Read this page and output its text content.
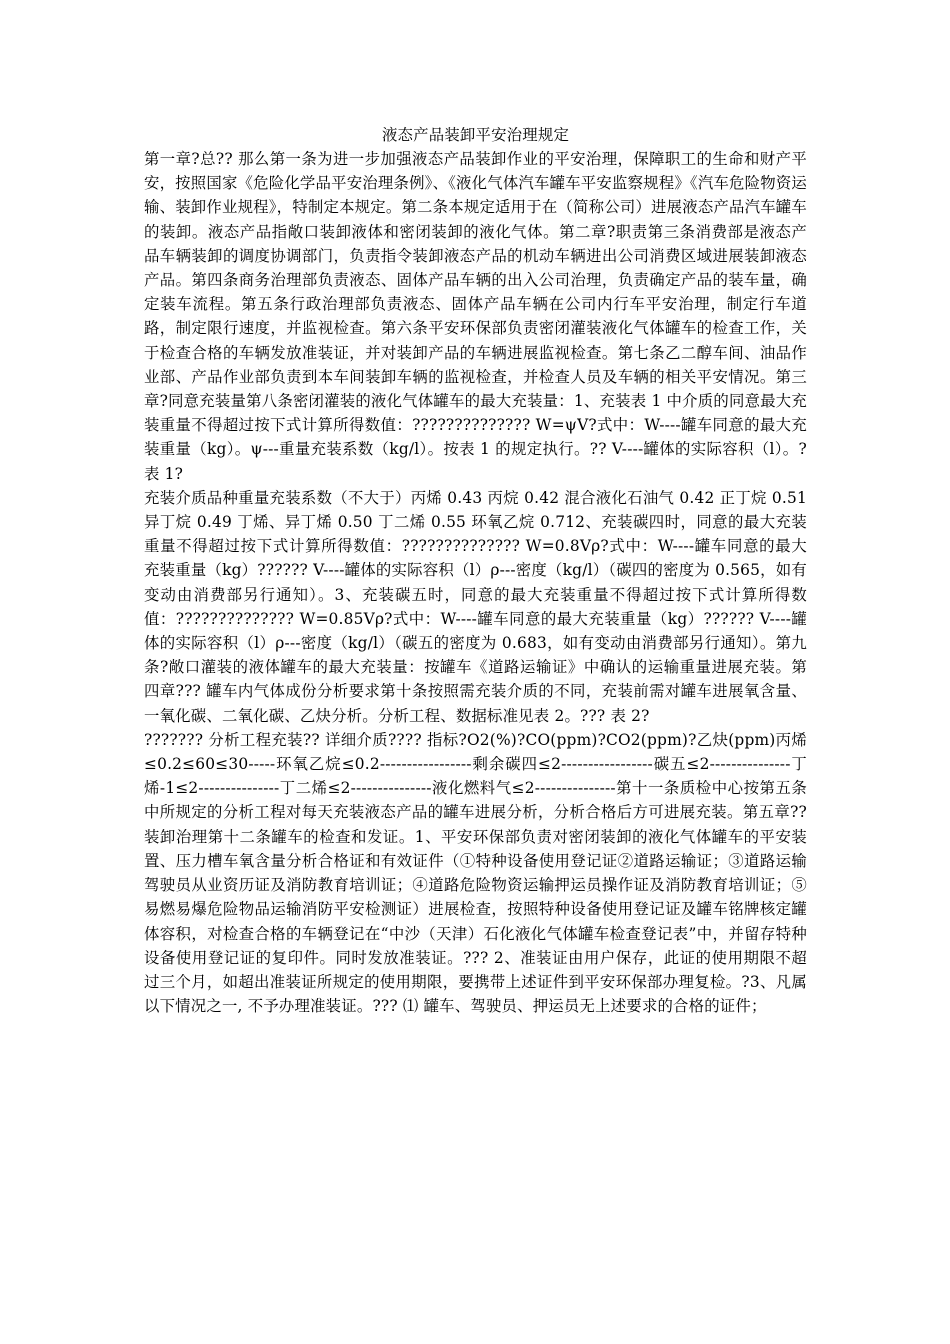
液态产品装卸平安治理规定

第一章?总?? 那么第一条为进一步加强液态产品装卸作业的平安治理，保障职工的生命和财产平安，按照国家《危险化学品平安治理条例》、《液化气体汽车罐车平安监察规程》《汽车危险物资运输、装卸作业规程》，特制定本规定。第二条本规定适用于在（简称公司）进展液态产品汽车罐车的装卸。液态产品指敞口装卸液体和密闭装卸的液化气体。第二章?职责第三条消费部是液态产品车辆装卸的调度协调部门，负责指令装卸液态产品的机动车辆进出公司消费区域进展装卸液态产品。第四条商务治理部负责液态、固体产品车辆的出入公司治理，负责确定产品的装车量，确定装车流程。第五条行政治理部负责液态、固体产品车辆在公司内行车平安治理，制定行车道路，制定限行速度，并监视检查。第六条平安环保部负责密闭灌装液化气体罐车的检查工作，关于检查合格的车辆发放准装证，并对装卸产品的车辆进展监视检查。第七条乙二醇车间、油品作业部、产品作业部负责到本车间装卸车辆的监视检查，并检查人员及车辆的相关平安情况。第三章?同意充装量第八条密闭灌装的液化气体罐车的最大充装量：1、充装表 1 中介质的同意最大充装重量不得超过按下式计算所得数值：?????????????? W=ψV?式中：W----罐车同意的最大充装重量（kg）。ψ---重量充装系数（kg/l）。按表 1 的规定执行。?? V----罐体的实际容积（l）。?表 1?

充装介质品种重量充装系数（不大于）丙烯 0.43 丙烷 0.42 混合液化石油气 0.42 正丁烷 0.51 异丁烷 0.49 丁烯、异丁烯 0.50 丁二烯 0.55 环氧乙烷 0.712、充装碳四时，同意的最大充装重量不得超过按下式计算所得数值：?????????????? W=0.8Vρ?式中：W----罐车同意的最大充装重量（kg）?????? V----罐体的实际容积（l）ρ---密度（kg/l）（碳四的密度为 0.565，如有变动由消费部另行通知）。3、充装碳五时，同意的最大充装重量不得超过按下式计算所得数值：?????????????? W=0.85Vρ?式中：W----罐车同意的最大充装重量（kg）?????? V----罐体的实际容积（l）ρ---密度（kg/l）（碳五的密度为 0.683，如有变动由消费部另行通知）。第九条?敞口灌装的液体罐车的最大充装量：按罐车《道路运输证》中确认的运输重量进展充装。第四章??? 罐车内气体成份分析要求第十条按照需充装介质的不同，充装前需对罐车进展氧含量、一氧化碳、二氧化碳、乙炔分析。分析工程、数据标准见表 2。??? 表 2?

??????? 分析工程充装?? 详细介质???? 指标?O2(%)?CO(ppm)?CO2(ppm)?乙炔(ppm)丙烯≤0.2≤60≤30-----环氧乙烷≤0.2-----------------剩余碳四≤2-----------------碳五≤2---------------丁烯-1≤2---------------丁二烯≤2---------------液化燃料气≤2---------------第十一条质检中心按第五条中所规定的分析工程对每天充装液态产品的罐车进展分析，分析合格后方可进展充装。第五章?? 装卸治理第十二条罐车的检查和发证。1、平安环保部负责对密闭装卸的液化气体罐车的平安装置、压力槽车氧含量分析合格证和有效证件（①特种设备使用登记证②道路运输证；③道路运输驾驶员从业资历证及消防教育培训证；④道路危险物资运输押运员操作证及消防教育培训证；⑤易燃易爆危险物品运输消防平安检测证）进展检查，按照特种设备使用登记证及罐车铭牌核定罐体容积，对检查合格的车辆登记在“中沙（天津）石化液化气体罐车检查登记表”中，并留存特种设备使用登记证的复印件。同时发放准装证。??? 2、准装证由用户保存，此证的使用期限不超过三个月，如超出准装证所规定的使用期限，要携带上述证件到平安环保部办理复检。?3、凡属以下情况之一, 不予办理准装证。??? ⑴ 罐车、驾驶员、押运员无上述要求的合格的证件；
